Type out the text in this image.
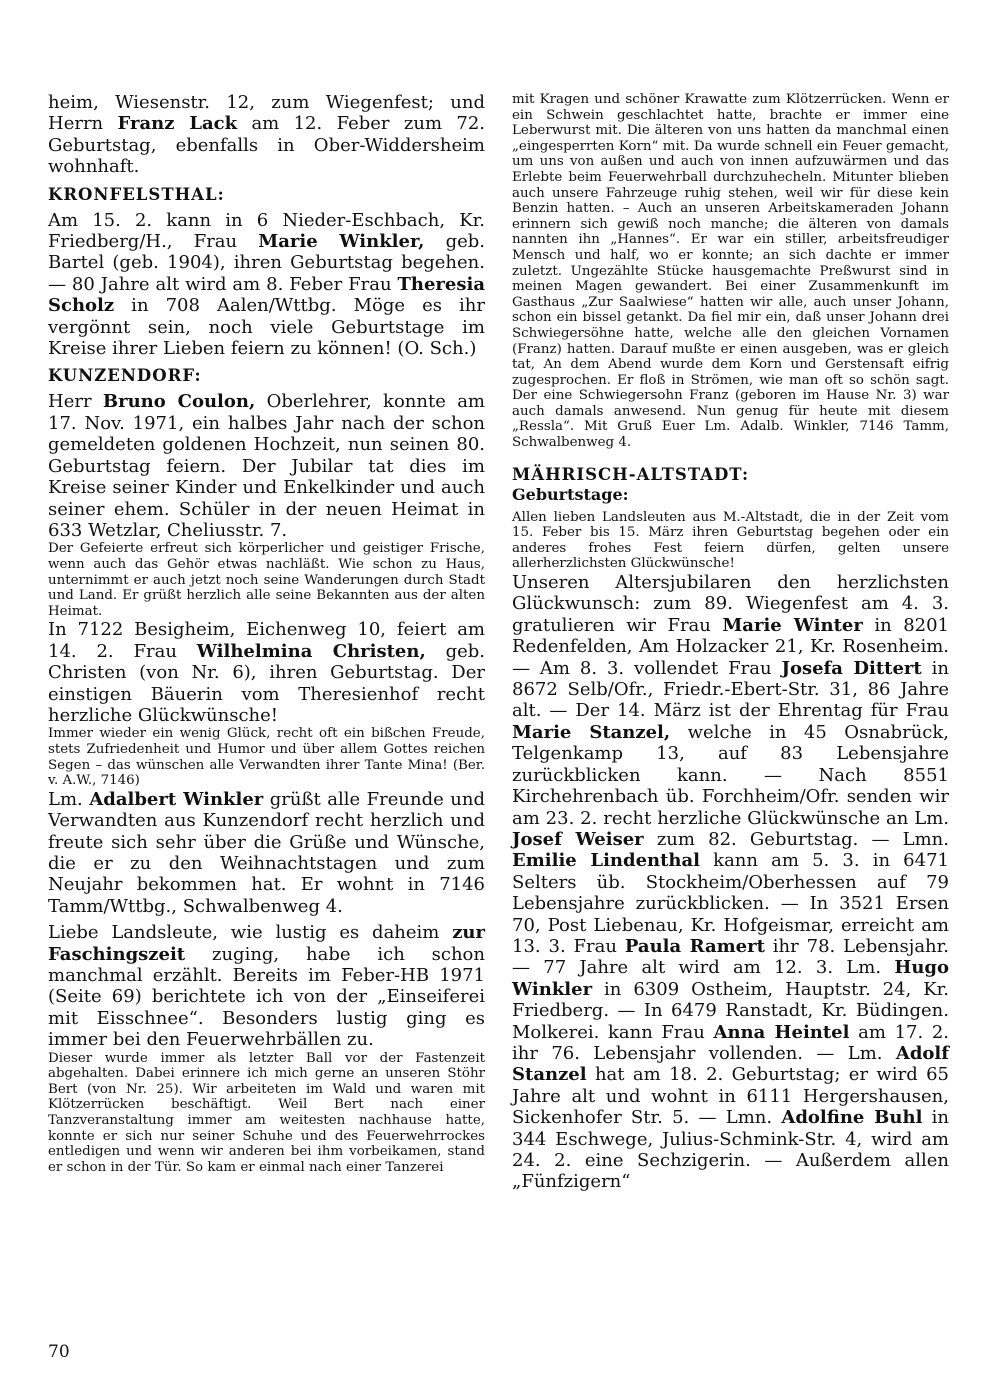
heim, Wiesenstr. 12, zum Wiegenfest; und Herrn Franz Lack am 12. Feber zum 72. Geburtstag, ebenfalls in Ober-Widdersheim wohnhaft.

KRONFELSTHAL:

Am 15. 2. kann in 6 Nieder-Eschbach, Kr. Friedberg/H., Frau Marie Winkler, geb. Bartel (geb. 1904), ihren Geburtstag begehen. — 80 Jahre alt wird am 8. Feber Frau Theresia Scholz in 708 Aalen/Wttbg. Möge es ihr vergönnt sein, noch viele Geburtstage im Kreise ihrer Lieben feiern zu können! (O. Sch.)

KUNZENDORF:

Herr Bruno Coulon, Oberlehrer, konnte am 17. Nov. 1971, ein halbes Jahr nach der schon gemeldeten goldenen Hochzeit, nun seinen 80. Geburtstag feiern. Der Jubilar tat dies im Kreise seiner Kinder und Enkelkinder und auch seiner ehem. Schüler in der neuen Heimat in 633 Wetzlar, Cheliusstr. 7.

Der Gefeierte erfreut sich körperlicher und geistiger Frische, wenn auch das Gehör etwas nachläßt. Wie schon zu Haus, unternimmt er auch jetzt noch seine Wanderungen durch Stadt und Land. Er grüßt herzlich alle seine Bekannten aus der alten Heimat.

In 7122 Besigheim, Eichenweg 10, feiert am 14. 2. Frau Wilhelmina Christen, geb. Christen (von Nr. 6), ihren Geburtstag. Der einstigen Bäuerin vom Theresienhof recht herzliche Glückwünsche!

Immer wieder ein wenig Glück, recht oft ein bißchen Freude, stets Zufriedenheit und Humor und über allem Gottes reichen Segen – das wünschen alle Verwandten ihrer Tante Mina! (Ber. v. A.W., 7146)

Lm. Adalbert Winkler grüßt alle Freunde und Verwandten aus Kunzendorf recht herzlich und freute sich sehr über die Grüße und Wünsche, die er zu den Weihnachtstagen und zum Neujahr bekommen hat. Er wohnt in 7146 Tamm/Wttbg., Schwalbenweg 4.

Liebe Landsleute, wie lustig es daheim zur Faschingszeit zuging, habe ich schon manchmal erzählt. Bereits im Feber-HB 1971 (Seite 69) berichtete ich von der „Einseiferei mit Eisschnee“. Besonders lustig ging es immer bei den Feuerwehrbällen zu.

Dieser wurde immer als letzter Ball vor der Fastenzeit abgehalten. Dabei erinnere ich mich gerne an unseren Stöhr Bert (von Nr. 25). Wir arbeiteten im Wald und waren mit Klötzerrücken beschäftigt. Weil Bert nach einer Tanzveranstaltung immer am weitesten nachhause hatte, konnte er sich nur seiner Schuhe und des Feuerwehrrockes entledigen und wenn wir anderen bei ihm vorbeikamen, stand er schon in der Tür. So kam er einmal nach einer Tanzerei

mit Kragen und schöner Krawatte zum Klötzerrücken. Wenn er ein Schwein geschlachtet hatte, brachte er immer eine Leberwurst mit. Die älteren von uns hatten da manchmal einen „eingesperrten Korn“ mit. Da wurde schnell ein Feuer gemacht, um uns von außen und auch von innen aufzuwärmen und das Erlebte beim Feuerwehrball durchzuhecheln. Mitunter blieben auch unsere Fahrzeuge ruhig stehen, weil wir für diese kein Benzin hatten. – Auch an unseren Arbeitskameraden Johann erinnern sich gewiß noch manche; die älteren von damals nannten ihn „Hannes“. Er war ein stiller, arbeitsfreudiger Mensch und half, wo er konnte; an sich dachte er immer zuletzt. Ungezählte Stücke hausgemachte Preßwurst sind in meinen Magen gewandert. Bei einer Zusammenkunft im Gasthaus „Zur Saalwiese“ hatten wir alle, auch unser Johann, schon ein bissel getankt. Da fiel mir ein, daß unser Johann drei Schwiegersöhne hatte, welche alle den gleichen Vornamen (Franz) hatten. Darauf mußte er einen ausgeben, was er gleich tat, An dem Abend wurde dem Korn und Gerstensaft eifrig zugesprochen. Er floß in Strömen, wie man oft so schön sagt. Der eine Schwiegersohn Franz (geboren im Hause Nr. 3) war auch damals anwesend. Nun genug für heute mit diesem „Ressla“. Mit Gruß Euer Lm. Adalb. Winkler, 7146 Tamm, Schwalbenweg 4.

MÄHRISCH-ALTSTADT:
Geburtstage:

Allen lieben Landsleuten aus M.-Altstadt, die in der Zeit vom 15. Feber bis 15. März ihren Geburtstag begehen oder ein anderes frohes Fest feiern dürfen, gelten unsere allerherzlichsten Glückwünsche!

Unseren Altersjubilaren den herzlichsten Glückwunsch: zum 89. Wiegenfest am 4. 3. gratulieren wir Frau Marie Winter in 8201 Redenfelden, Am Holzacker 21, Kr. Rosenheim. — Am 8. 3. vollendet Frau Josefa Dittert in 8672 Selb/Ofr., Friedr.-Ebert-Str. 31, 86 Jahre alt. — Der 14. März ist der Ehrentag für Frau Marie Stanzel, welche in 45 Osnabrück, Telgenkamp 13, auf 83 Lebensjahre zurückblicken kann. — Nach 8551 Kirchehrenbach üb. Forchheim/Ofr. senden wir am 23. 2. recht herzliche Glückwünsche an Lm. Josef Weiser zum 82. Geburtstag. — Lmn. Emilie Lindenthal kann am 5. 3. in 6471 Selters üb. Stockheim/Oberhessen auf 79 Lebensjahre zurückblicken. — In 3521 Ersen 70, Post Liebenau, Kr. Hofgeismar, erreicht am 13. 3. Frau Paula Ramert ihr 78. Lebensjahr. — 77 Jahre alt wird am 12. 3. Lm. Hugo Winkler in 6309 Ostheim, Hauptstr. 24, Kr. Friedberg. — In 6479 Ranstadt, Kr. Büdingen. Molkerei. kann Frau Anna Heintel am 17. 2. ihr 76. Lebensjahr vollenden. — Lm. Adolf Stanzel hat am 18. 2. Geburtstag; er wird 65 Jahre alt und wohnt in 6111 Hergershausen, Sickenhofer Str. 5. — Lmn. Adolfine Buhl in 344 Eschwege, Julius-Schmink-Str. 4, wird am 24. 2. eine Sechzigerin. — Außerdem allen „Fünfzigern“

70
